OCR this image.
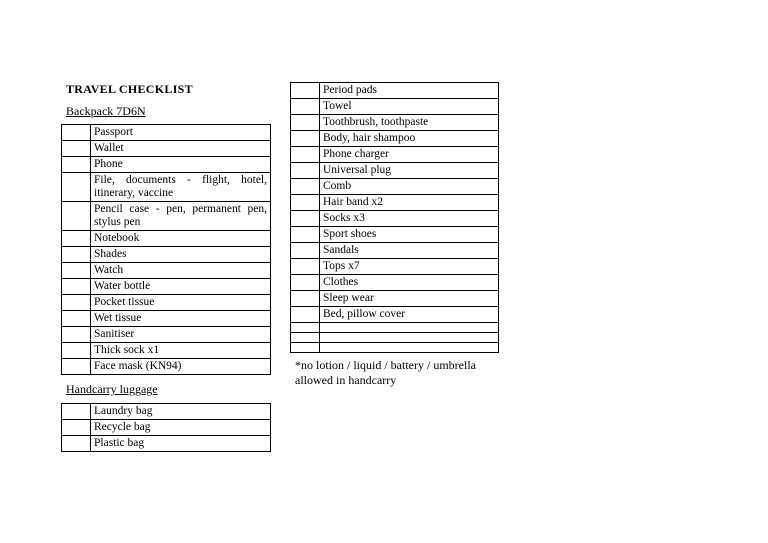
TRAVEL CHECKLIST
Backpack 7D6N
	Passport
	Wallet
	Phone
	File, documents - flight, hotel, itinerary, vaccine
	Pencil case - pen, permanent pen, stylus pen
	Notebook
	Shades
	Watch
	Water bottle
	Pocket tissue
	Wet tissue
	Sanitiser
	Thick sock x1
	Face mask (KN94)
Handcarry luggage
	Laundry bag
	Recycle bag
	Plastic bag
	Period pads
	Towel
	Toothbrush, toothpaste
	Body, hair shampoo
	Phone charger
	Universal plug
	Comb
	Hair band x2
	Socks x3
	Sport shoes
	Sandals
	Tops x7
	Clothes
	Sleep wear
	Bed, pillow cover

*no lotion / liquid / battery / umbrella allowed in handcarry
